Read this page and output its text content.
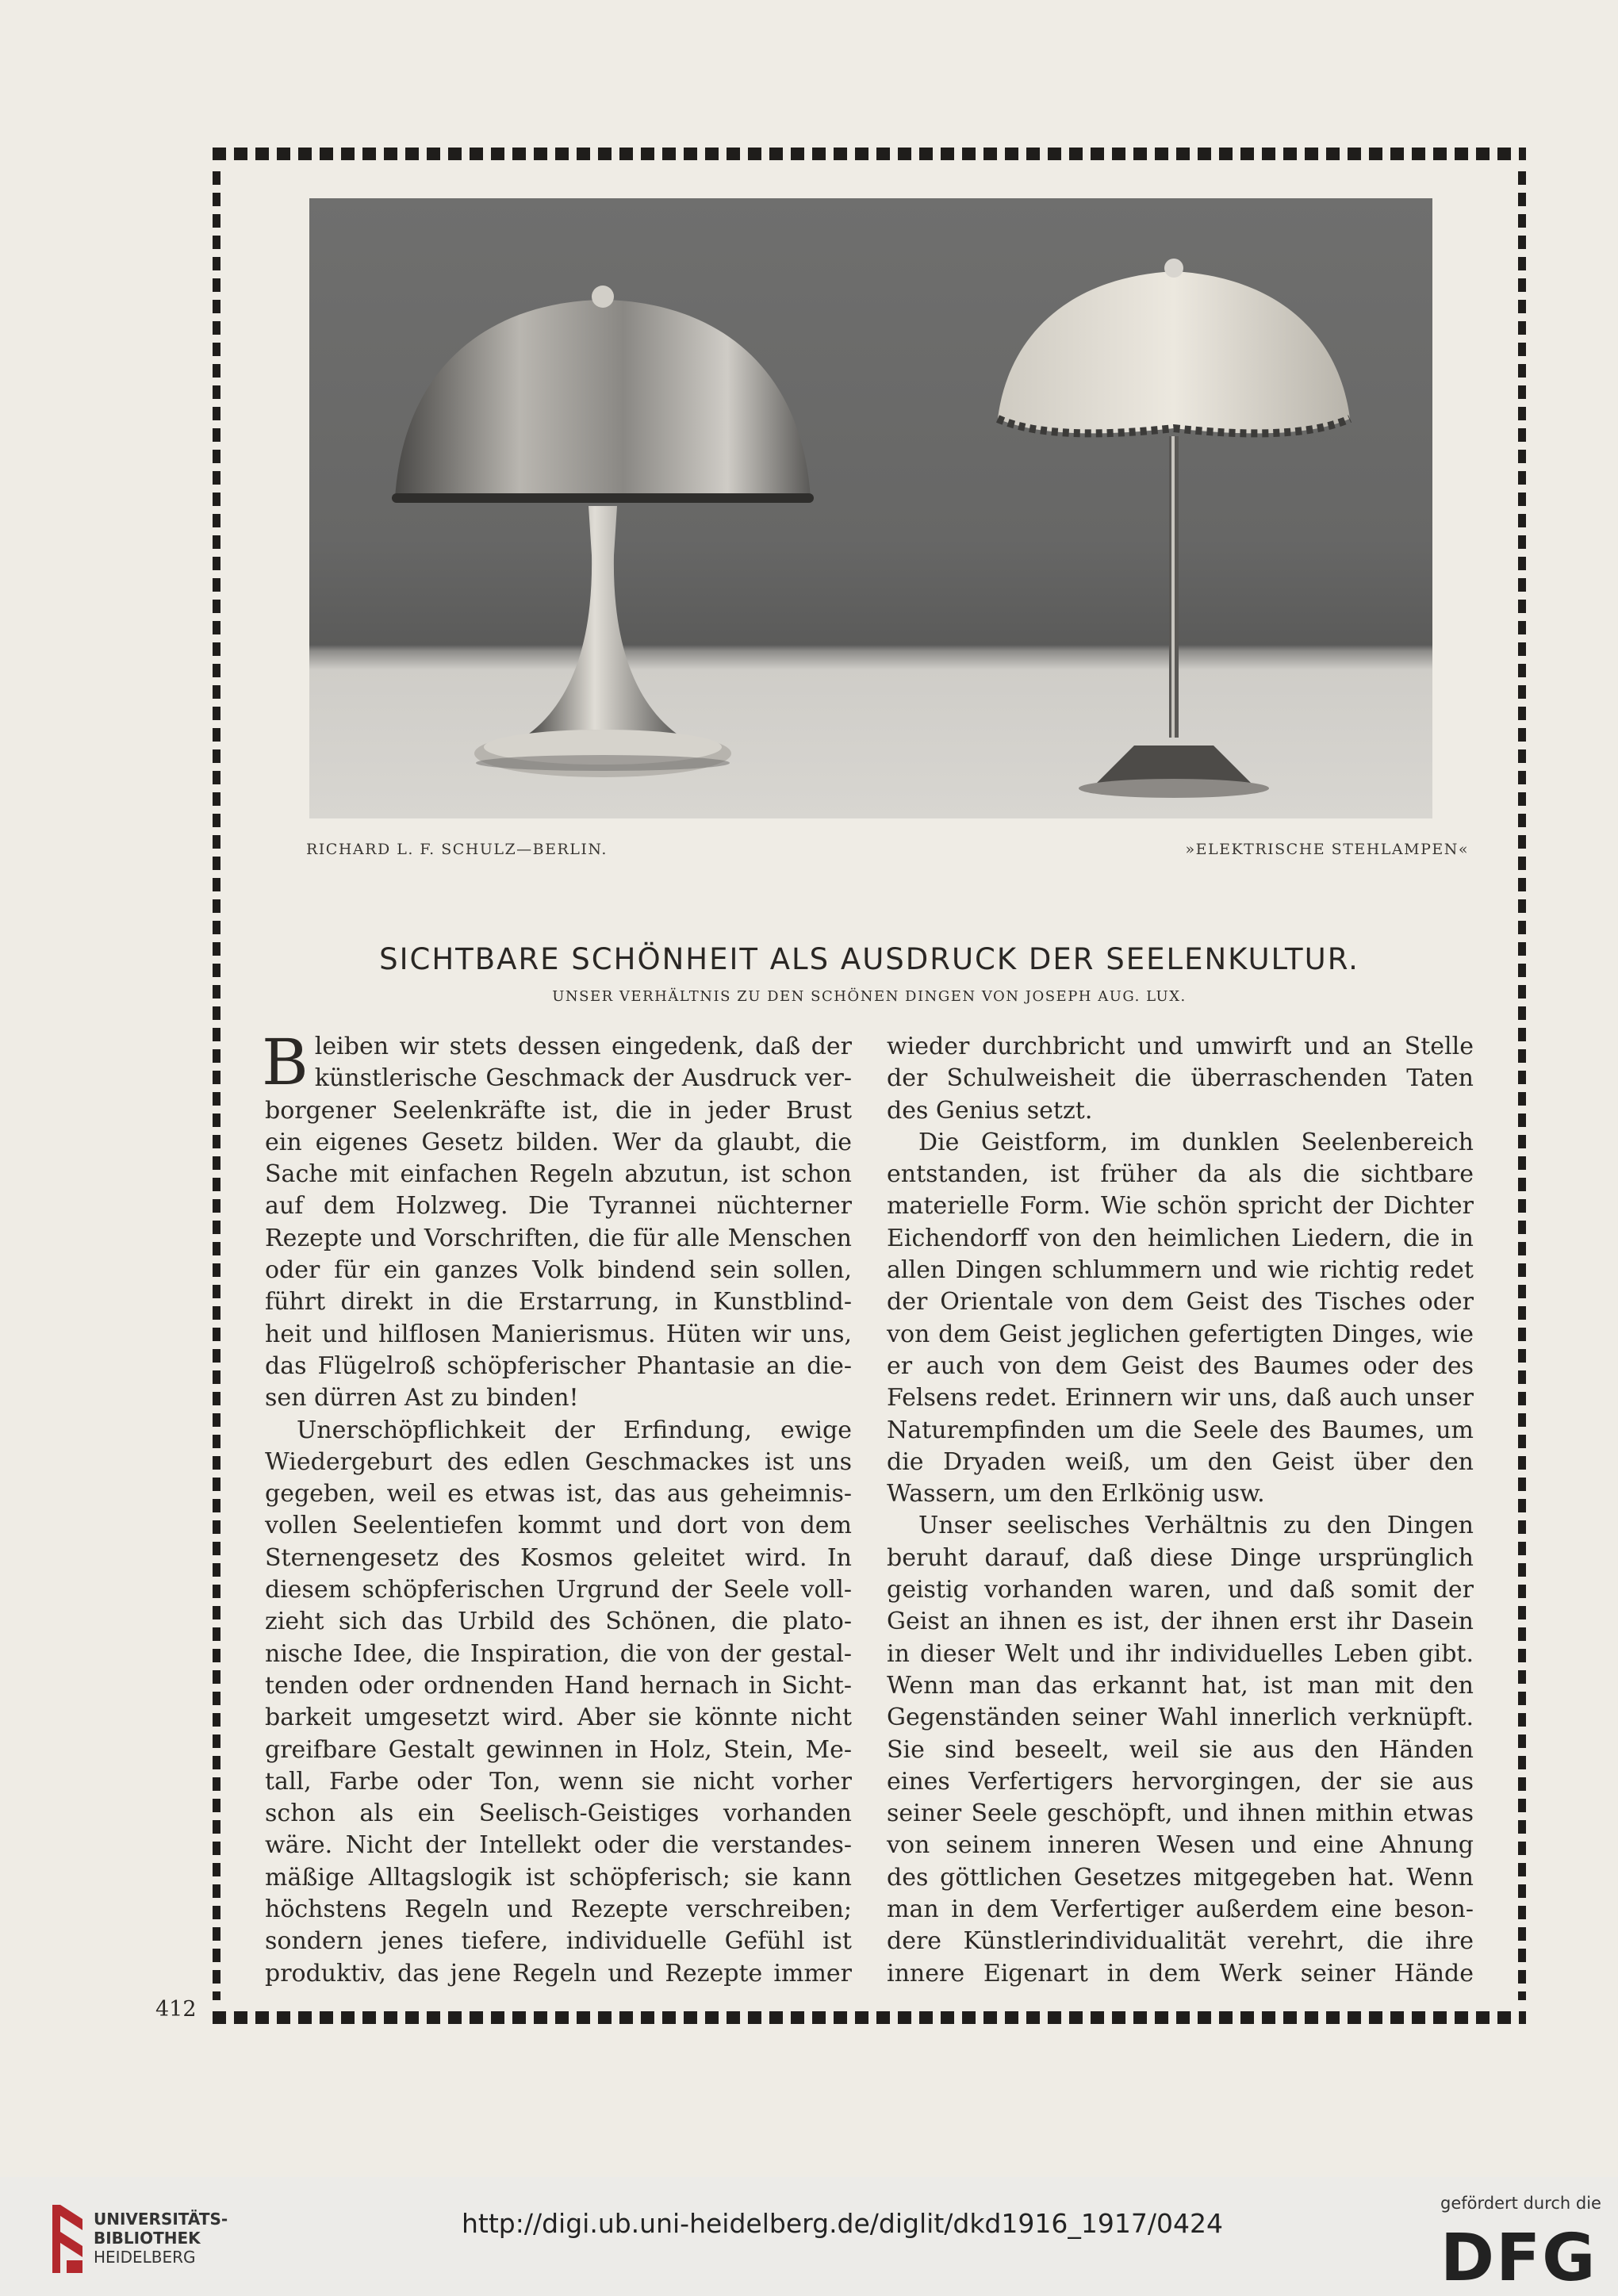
RICHARD L. F. SCHULZ—BERLIN.	»ELEKTRISCHE STEHLAMPEN«
SICHTBARE SCHÖNHEIT ALS AUSDRUCK DER SEELENKULTUR.
UNSER VERHÄLTNIS ZU DEN SCHÖNEN DINGEN VON JOSEPH AUG. LUX.
B leiben wir stets dessen eingedenk, daß der
künstlerische Geschmack der Ausdruck ver-
borgener Seelenkräfte ist, die in jeder Brust
ein eigenes Gesetz bilden. Wer da glaubt, die
Sache mit einfachen Regeln abzutun, ist schon
auf dem Holzweg. Die Tyrannei nüchterner
Rezepte und Vorschriften, die für alle Menschen
oder für ein ganzes Volk bindend sein sollen,
führt direkt in die Erstarrung, in Kunstblind-
heit und hilflosen Manierismus. Hüten wir uns,
das Flügelroß schöpferischer Phantasie an die-
sen dürren Ast zu binden!
Unerschöpflichkeit der Erfindung, ewige
Wiedergeburt des edlen Geschmackes ist uns
gegeben, weil es etwas ist, das aus geheimnis-
vollen Seelentiefen kommt und dort von dem
Sternengesetz des Kosmos geleitet wird. In
diesem schöpferischen Urgrund der Seele voll-
zieht sich das Urbild des Schönen, die plato-
nische Idee, die Inspiration, die von der gestal-
tenden oder ordnenden Hand hernach in Sicht-
barkeit umgesetzt wird. Aber sie könnte nicht
greifbare Gestalt gewinnen in Holz, Stein, Me-
tall, Farbe oder Ton, wenn sie nicht vorher
schon als ein Seelisch-Geistiges vorhanden
wäre. Nicht der Intellekt oder die verstandes-
mäßige Alltagslogik ist schöpferisch; sie kann
höchstens Regeln und Rezepte verschreiben;
sondern jenes tiefere, individuelle Gefühl ist
produktiv, das jene Regeln und Rezepte immer
wieder durchbricht und umwirft und an Stelle
der Schulweisheit die überraschenden Taten
des Genius setzt.
Die Geistform, im dunklen Seelenbereich
entstanden, ist früher da als die sichtbare
materielle Form. Wie schön spricht der Dichter
Eichendorff von den heimlichen Liedern, die in
allen Dingen schlummern und wie richtig redet
der Orientale von dem Geist des Tisches oder
von dem Geist jeglichen gefertigten Dinges, wie
er auch von dem Geist des Baumes oder des
Felsens redet. Erinnern wir uns, daß auch unser
Naturempfinden um die Seele des Baumes, um
die Dryaden weiß, um den Geist über den
Wassern, um den Erlkönig usw.
Unser seelisches Verhältnis zu den Dingen
beruht darauf, daß diese Dinge ursprünglich
geistig vorhanden waren, und daß somit der
Geist an ihnen es ist, der ihnen erst ihr Dasein
in dieser Welt und ihr individuelles Leben gibt.
Wenn man das erkannt hat, ist man mit den
Gegenständen seiner Wahl innerlich verknüpft.
Sie sind beseelt, weil sie aus den Händen
eines Verfertigers hervorgingen, der sie aus
seiner Seele geschöpft, und ihnen mithin etwas
von seinem inneren Wesen und eine Ahnung
des göttlichen Gesetzes mitgegeben hat. Wenn
man in dem Verfertiger außerdem eine beson-
dere Künstlerindividualität verehrt, die ihre
innere Eigenart in dem Werk seiner Hände
412
UNIVERSITÄTS-
BIBLIOTHEK
HEIDELBERG
http://digi.ub.uni-heidelberg.de/diglit/dkd1916_1917/0424
gefördert durch die
DFG
